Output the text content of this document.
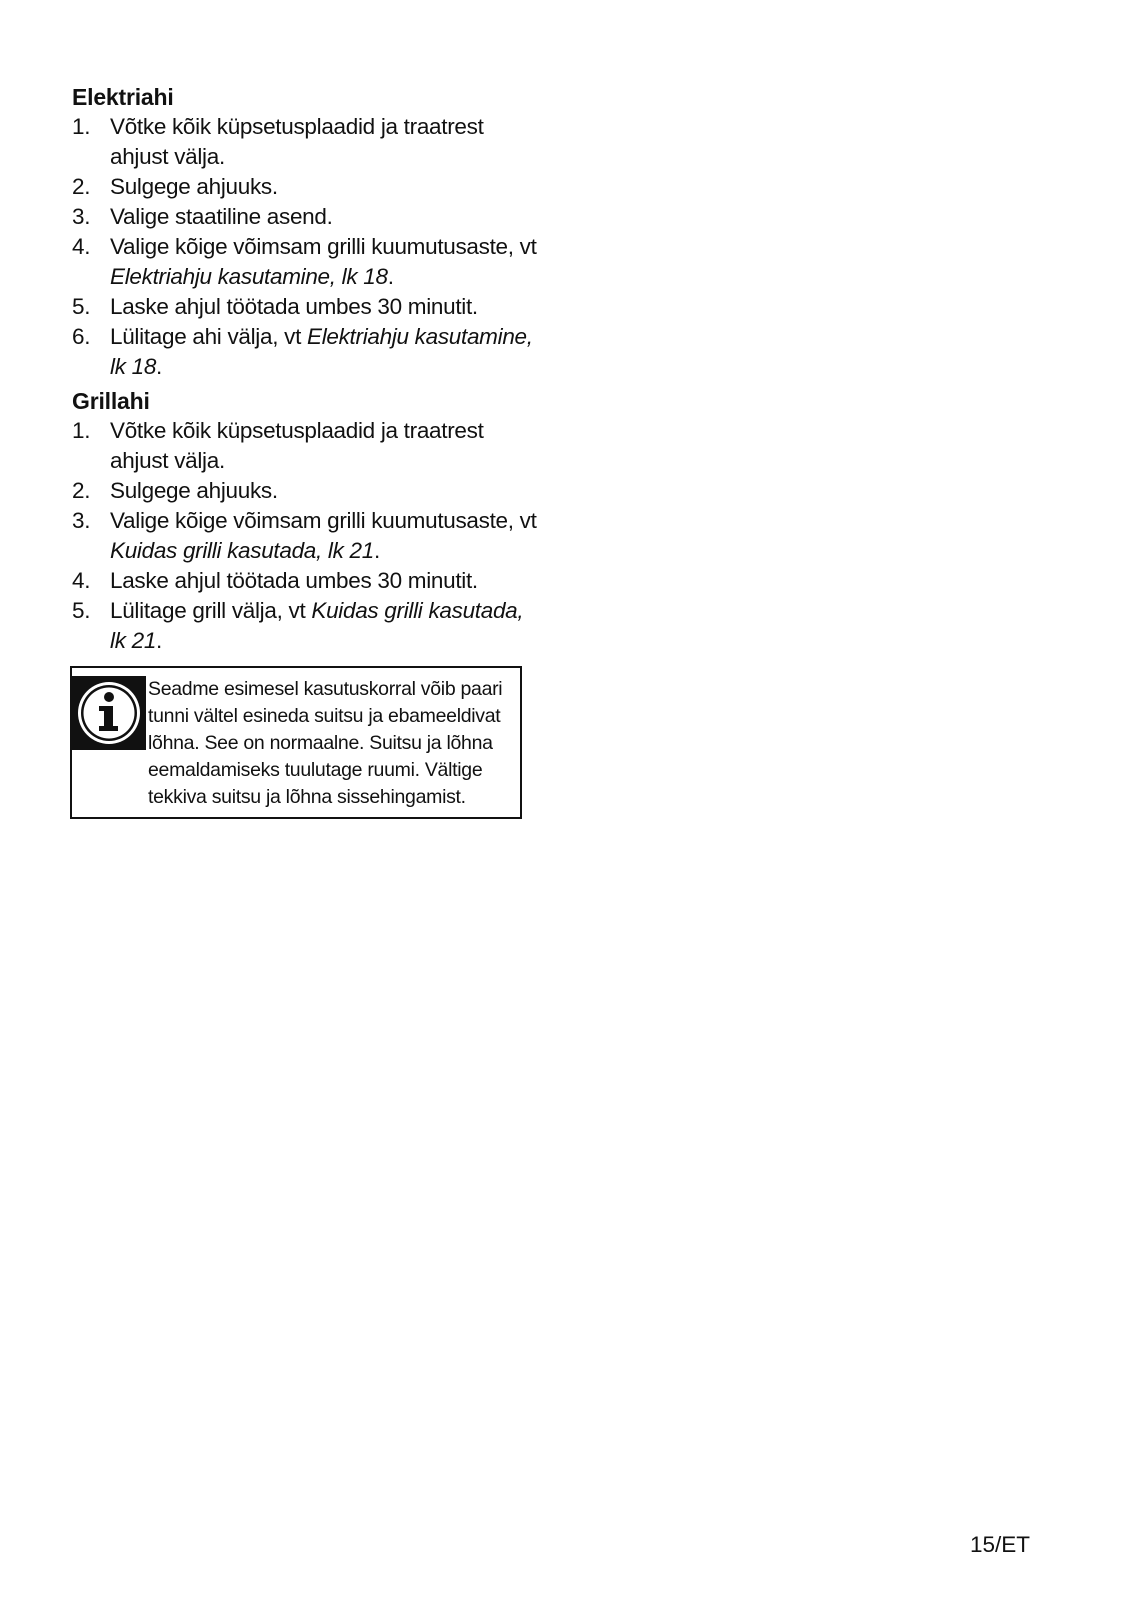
Elektriahi
1. Võtke kõik küpsetusplaadid ja traatrest ahjust välja.
2. Sulgege ahjuuks.
3. Valige staatiline asend.
4. Valige kõige võimsam grilli kuumutusaste, vt Elektriahju kasutamine, lk 18.
5. Laske ahjul töötada umbes 30 minutit.
6. Lülitage ahi välja, vt Elektriahju kasutamine, lk 18.
Grillahi
1. Võtke kõik küpsetusplaadid ja traatrest ahjust välja.
2. Sulgege ahjuuks.
3. Valige kõige võimsam grilli kuumutusaste, vt Kuidas grilli kasutada, lk 21.
4. Laske ahjul töötada umbes 30 minutit.
5. Lülitage grill välja, vt Kuidas grilli kasutada, lk 21.
Seadme esimesel kasutuskorral võib paari tunni vältel esineda suitsu ja ebameeldivat lõhna. See on normaalne. Suitsu ja lõhna eemaldamiseks tuulutage ruumi. Vältige tekkiva suitsu ja lõhna sissehingamist.
15/ET
